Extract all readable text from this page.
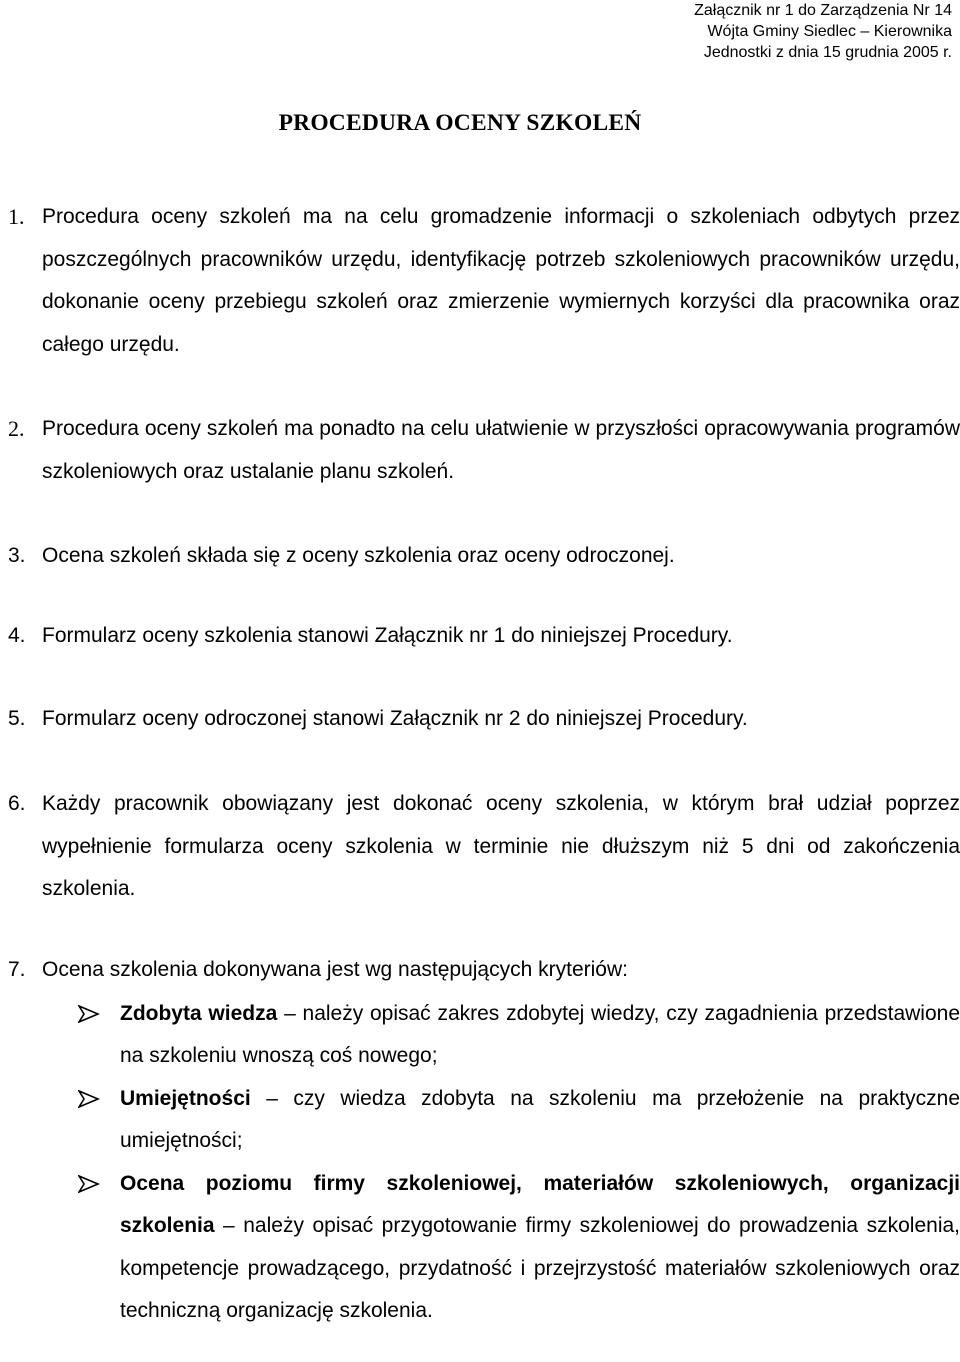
Załącznik nr 1 do Zarządzenia Nr 14
Wójta Gminy Siedlec – Kierownika
Jednostki z dnia 15 grudnia 2005 r.
PROCEDURA OCENY SZKOLEŃ
1. Procedura oceny szkoleń ma na celu gromadzenie informacji o szkoleniach odbytych przez poszczególnych pracowników urzędu, identyfikację potrzeb szkoleniowych pracowników urzędu, dokonanie oceny przebiegu szkoleń oraz zmierzenie wymiernych korzyści dla pracownika oraz całego urzędu.
2. Procedura oceny szkoleń ma ponadto na celu ułatwienie w przyszłości opracowywania programów szkoleniowych oraz ustalanie planu szkoleń.
3. Ocena szkoleń składa się z oceny szkolenia oraz oceny odroczonej.
4. Formularz oceny szkolenia stanowi Załącznik nr 1 do niniejszej Procedury.
5. Formularz oceny odroczonej stanowi Załącznik nr 2 do niniejszej Procedury.
6. Każdy pracownik obowiązany jest dokonać oceny szkolenia, w którym brał udział poprzez wypełnienie formularza oceny szkolenia w terminie nie dłuższym niż 5 dni od zakończenia szkolenia.
7. Ocena szkolenia dokonywana jest wg następujących kryteriów:
Zdobyta wiedza – należy opisać zakres zdobytej wiedzy, czy zagadnienia przedstawione na szkoleniu wnoszą coś nowego;
Umiejętności – czy wiedza zdobyta na szkoleniu ma przełożenie na praktyczne umiejętności;
Ocena poziomu firmy szkoleniowej, materiałów szkoleniowych, organizacji szkolenia – należy opisać przygotowanie firmy szkoleniowej do prowadzenia szkolenia, kompetencje prowadzącego, przydatność i przejrzystość materiałów szkoleniowych oraz techniczną organizację szkolenia.
